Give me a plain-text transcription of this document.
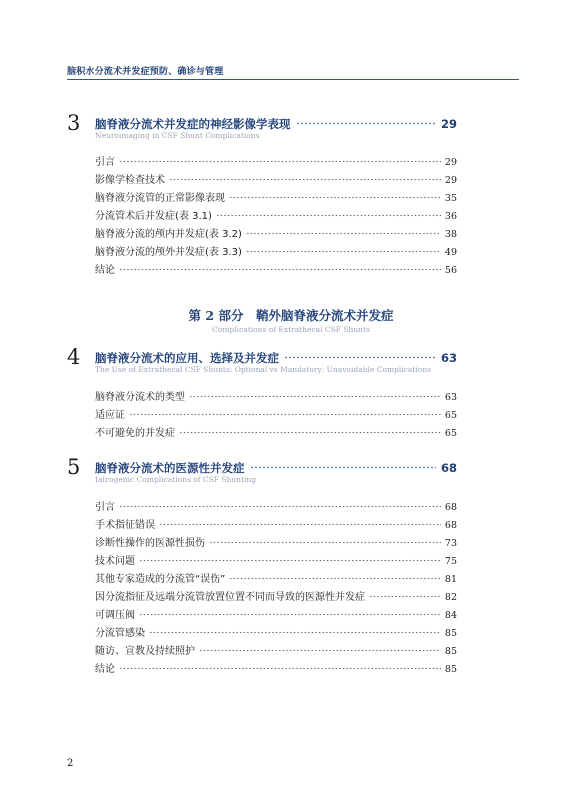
脑积水分流术并发症预防、确诊与管理
3 脑脊液分流术并发症的神经影像学表现	29
Neuroimaging in CSF Shunt Complications
引言	29
影像学检查技术	29
脑脊液分流管的正常影像表现	35
分流管术后并发症(表 3.1)	36
脑脊液分流的颅内并发症(表 3.2)	38
脑脊液分流的颅外并发症(表 3.3)	49
结论	56
第 2 部分　鞘外脑脊液分流术并发症
Complications of Extrathecal CSF Shunts
4 脑脊液分流术的应用、选择及并发症	63
The Use of Extrathecal CSF Shunts: Optional vs Mandatory; Unavoidable Complications
脑脊液分流术的类型	63
适应证	65
不可避免的并发症	65
5 脑脊液分流术的医源性并发症	68
Iatrogenic Complications of CSF Shunting
引言	68
手术指征错误	68
诊断性操作的医源性损伤	73
技术问题	75
其他专家造成的分流管“误伤”	81
因分流指征及远端分流管放置位置不同而导致的医源性并发症	82
可调压阀	84
分流管感染	85
随访、宣教及持续照护	85
结论	85
2
